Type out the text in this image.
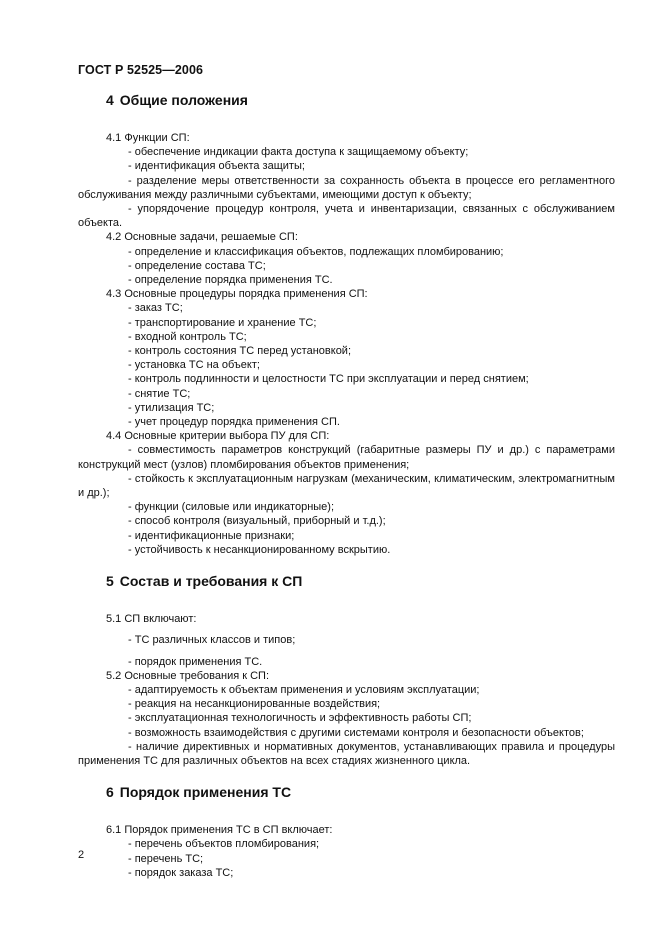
ГОСТ Р 52525—2006
4 Общие положения

4.1 Функции СП:

- обеспечение индикации факта доступа к защищаемому объекту;

- идентификация объекта защиты;

- разделение меры ответственности за сохранность объекта в процессе его регламентного обслуживания между различными субъектами, имеющими доступ к объекту;

- упорядочение процедур контроля, учета и инвентаризации, связанных с обслуживанием объекта.

4.2 Основные задачи, решаемые СП:

- определение и классификация объектов, подлежащих пломбированию;

- определение состава ТС;

- определение порядка применения ТС.

4.3 Основные процедуры порядка применения СП:

- заказ ТС;

- транспортирование и хранение ТС;

- входной контроль ТС;

- контроль состояния ТС перед установкой;

- установка ТС на объект;

- контроль подлинности и целостности ТС при эксплуатации и перед снятием;

- снятие ТС;

- утилизация ТС;

- учет процедур порядка применения СП.

4.4 Основные критерии выбора ПУ для СП:

- совместимость параметров конструкций (габаритные размеры ПУ и др.) с параметрами конструкций мест (узлов) пломбирования объектов применения;

- стойкость к эксплуатационным нагрузкам (механическим, климатическим, электромагнитным и др.);

- функции (силовые или индикаторные);

- способ контроля (визуальный, приборный и т.д.);

- идентификационные признаки;

- устойчивость к несанкционированному вскрытию.

5 Состав и требования к СП

5.1 СП включают:

- ТС различных классов и типов;

- порядок применения ТС.

5.2 Основные требования к СП:

- адаптируемость к объектам применения и условиям эксплуатации;

- реакция на несанкционированные воздействия;

- эксплуатационная технологичность и эффективность работы СП;

- возможность взаимодействия с другими системами контроля и безопасности объектов;

- наличие директивных и нормативных документов, устанавливающих правила и процедуры применения ТС для различных объектов на всех стадиях жизненного цикла.

6 Порядок применения ТС

6.1 Порядок применения ТС в СП включает:

- перечень объектов пломбирования;

- перечень ТС;

- порядок заказа ТС;

2
